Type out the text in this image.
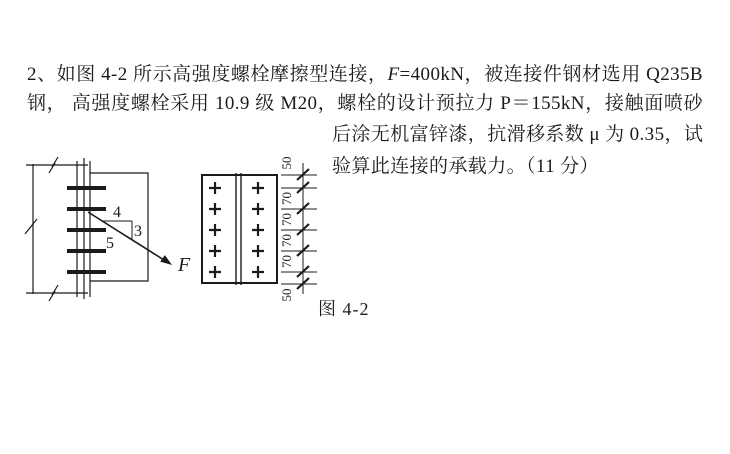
2、如图 4-2 所示高强度螺栓摩擦型连接，F=400kN，被连接件钢材选用 Q235B

钢， 高强度螺栓采用 10.9 级 M20，螺栓的设计预拉力 P＝155kN，接触面喷砂

后涂无机富锌漆，抗滑移系数 μ 为 0.35，试

验算此连接的承载力。（11 分）

F
4
3
5
50
70
70
70
70
50
图 4-2
